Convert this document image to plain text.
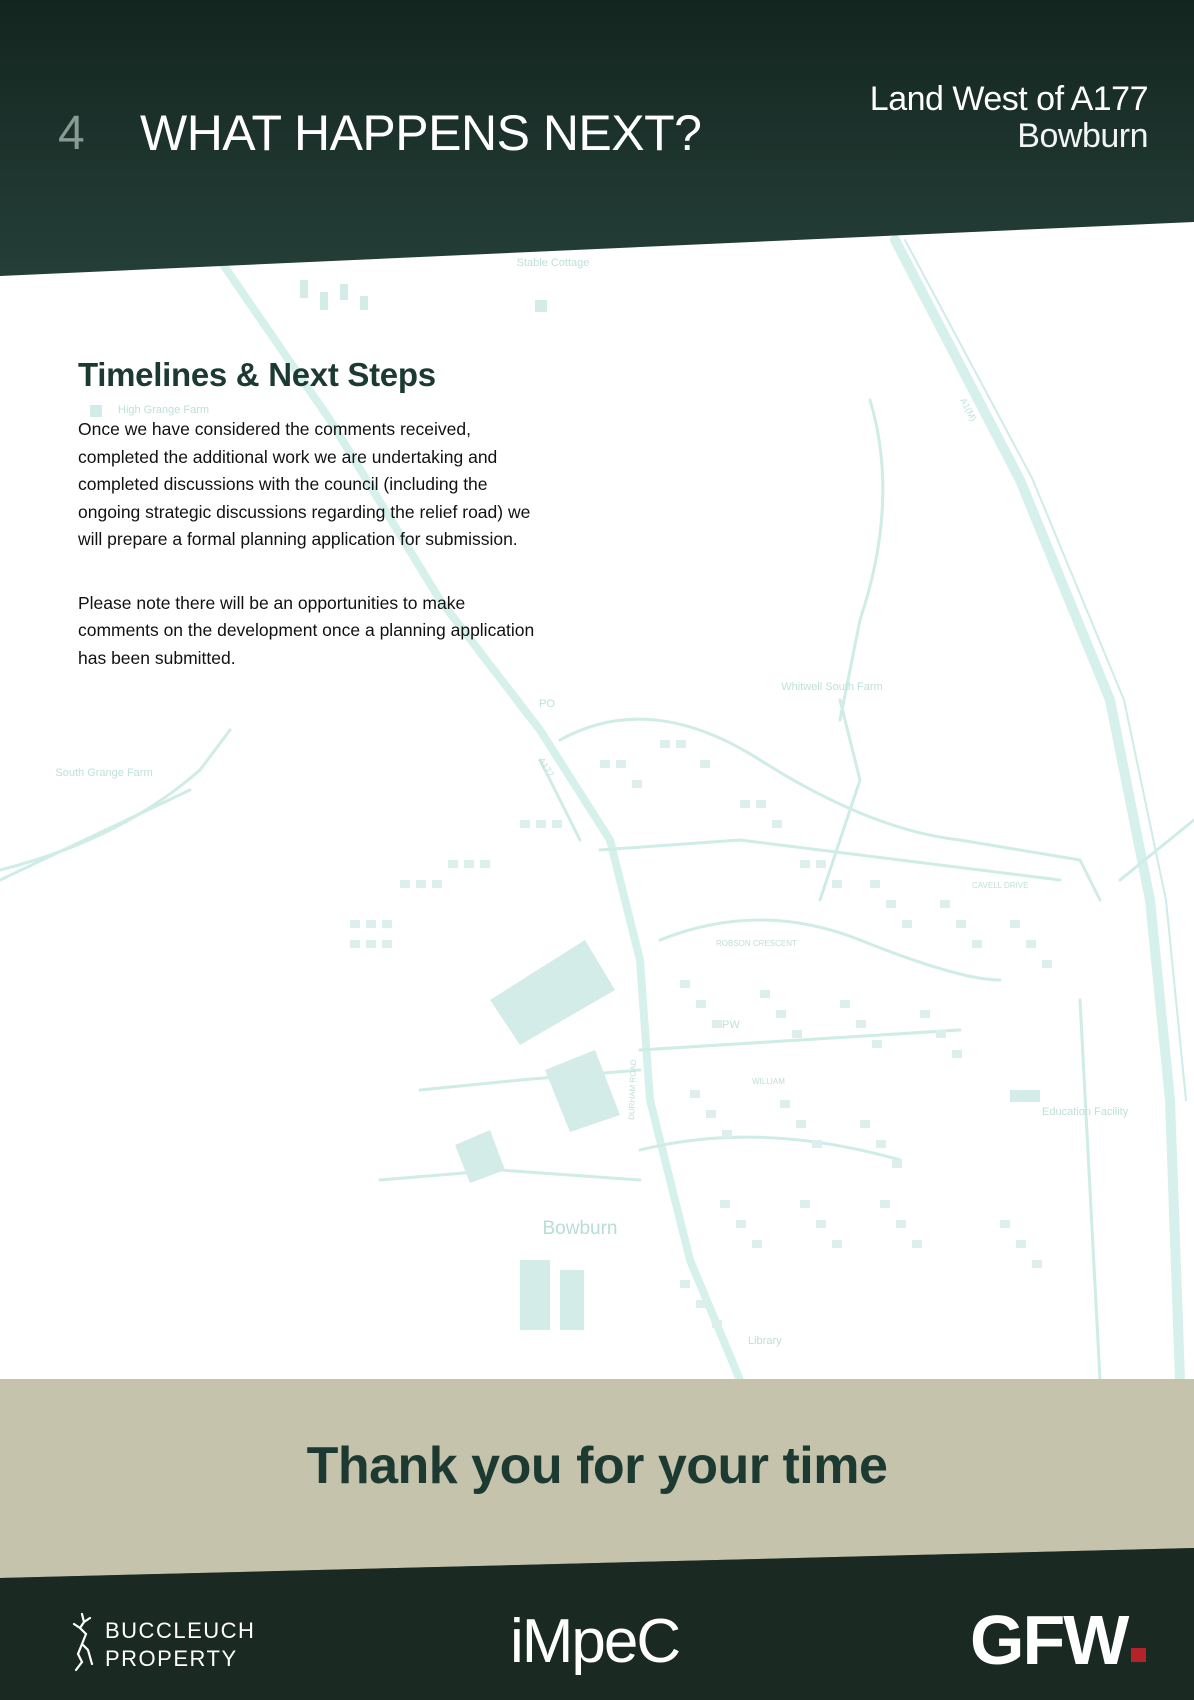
Stable Cottage
High Grange Farm
Whitwell South Farm
South Grange Farm
Education Facility
PO
PW
Library
CAVELL DRIVE
ROBSON CRESCENT
WILLIAM
A1(M)
A177
DURHAM ROAD
Bowburn
4 WHAT HAPPENS NEXT?
Land West of A177
Bowburn
Timelines & Next Steps

Once we have considered the comments received, completed the additional work we are undertaking and completed discussions with the council (including the ongoing strategic discussions regarding the relief road) we will prepare a formal planning application for submission.

Please note there will be an opportunities to make comments on the development once a planning application has been submitted.

Thank you for your time
BUCCLEUCH
PROPERTY	iMpeC	GFW
